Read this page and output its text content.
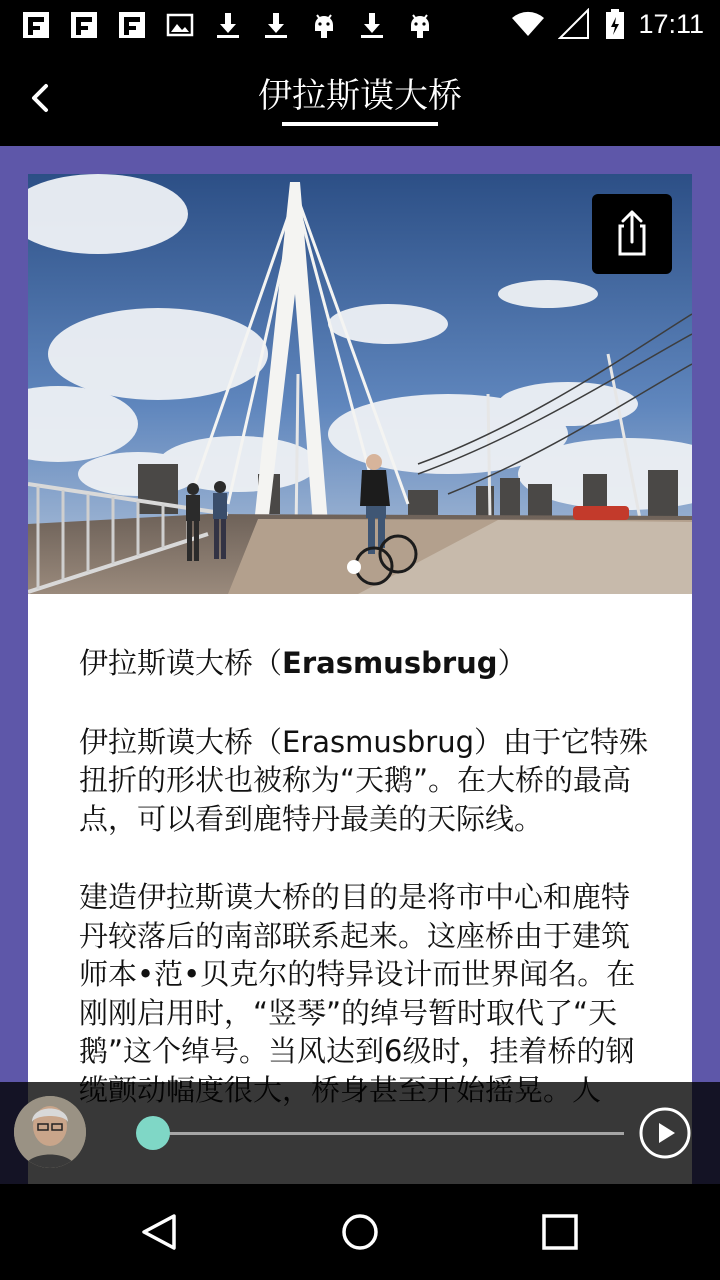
17:11
伊拉斯谟大桥

伊拉斯谟大桥（Erasmusbrug）

伊拉斯谟大桥（Erasmusbrug）由于它特殊扭折的形状也被称为“天鹅”。在大桥的最高点，可以看到鹿特丹最美的天际线。

建造伊拉斯谟大桥的目的是将市中心和鹿特丹较落后的南部联系起来。这座桥由于建筑师本•范•贝克尔的特异设计而世界闻名。在刚刚启用时，“竖琴”的绰号暂时取代了“天鹅”这个绰号。当风达到6级时，挂着桥的钢
